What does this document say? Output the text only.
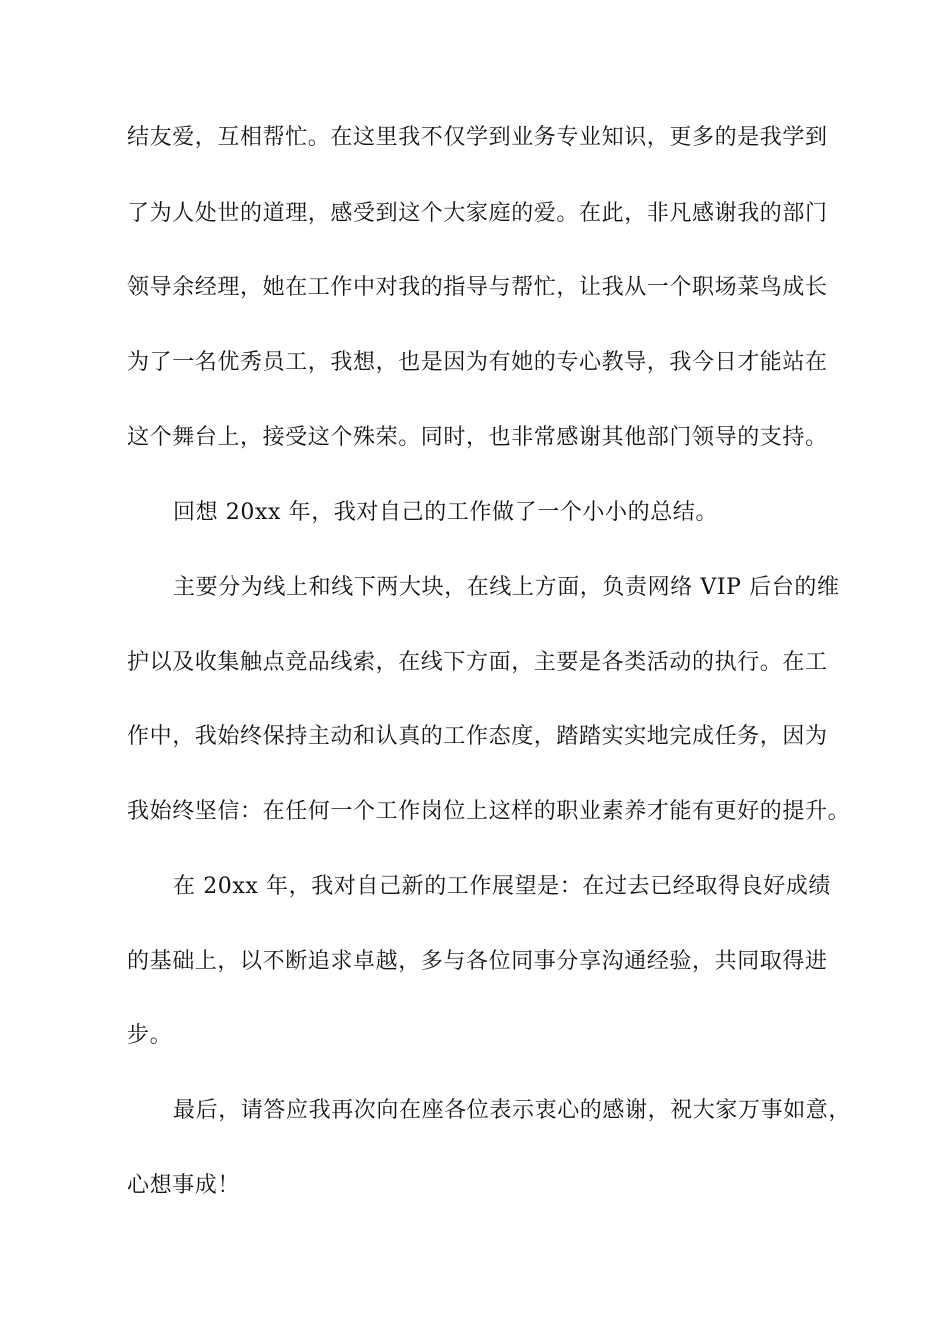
结友爱，互相帮忙。在这里我不仅学到业务专业知识，更多的是我学到
了为人处世的道理，感受到这个大家庭的爱。在此，非凡感谢我的部门
领导余经理，她在工作中对我的指导与帮忙，让我从一个职场菜鸟成长
为了一名优秀员工，我想，也是因为有她的专心教导，我今日才能站在
这个舞台上，接受这个殊荣。同时，也非常感谢其他部门领导的支持。
回想 20xx 年，我对自己的工作做了一个小小的总结。
主要分为线上和线下两大块，在线上方面，负责网络 VIP 后台的维
护以及收集触点竞品线索，在线下方面，主要是各类活动的执行。在工
作中，我始终保持主动和认真的工作态度，踏踏实实地完成任务，因为
我始终坚信：在任何一个工作岗位上这样的职业素养才能有更好的提升。
在 20xx 年，我对自己新的工作展望是：在过去已经取得良好成绩
的基础上，以不断追求卓越，多与各位同事分享沟通经验，共同取得进
步。
最后，请答应我再次向在座各位表示衷心的感谢，祝大家万事如意，
心想事成！
